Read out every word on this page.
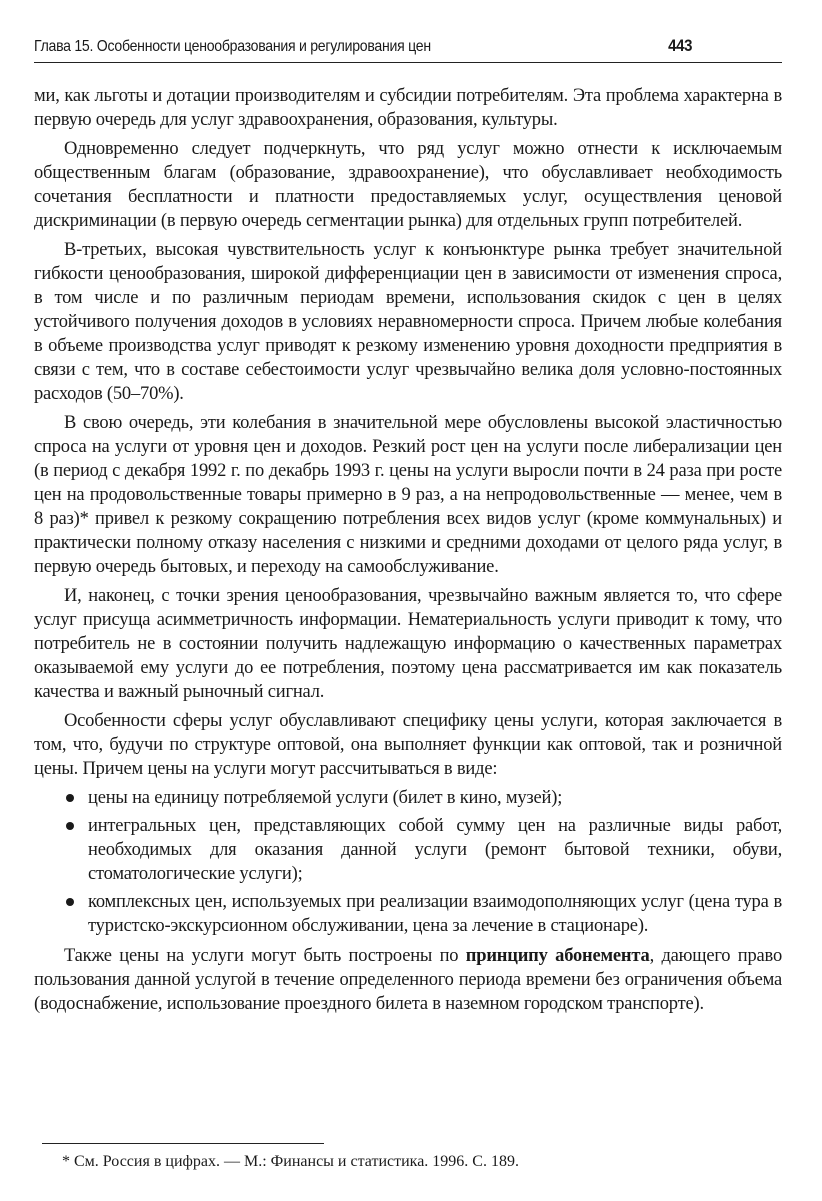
Глава 15. Особенности ценообразования и регулирования цен	443

ми, как льготы и дотации производителям и субсидии потребителям. Эта проблема характерна в первую очередь для услуг здравоохранения, образования, культуры.

Одновременно следует подчеркнуть, что ряд услуг можно отнести к исключаемым общественным благам (образование, здравоохранение), что обуславливает необходимость сочетания бесплатности и платности предоставляемых услуг, осуществления ценовой дискриминации (в первую очередь сегментации рынка) для отдельных групп потребителей.

В-третьих, высокая чувствительность услуг к конъюнктуре рынка требует значительной гибкости ценообразования, широкой дифференциации цен в зависимости от изменения спроса, в том числе и по различным периодам времени, использования скидок с цен в целях устойчивого получения доходов в условиях неравномерности спроса. Причем любые колебания в объеме производства услуг приводят к резкому изменению уровня доходности предприятия в связи с тем, что в составе себестоимости услуг чрезвычайно велика доля условно-постоянных расходов (50–70%).

В свою очередь, эти колебания в значительной мере обусловлены высокой эластичностью спроса на услуги от уровня цен и доходов. Резкий рост цен на услуги после либерализации цен (в период с декабря 1992 г. по декабрь 1993 г. цены на услуги выросли почти в 24 раза при росте цен на продовольственные товары примерно в 9 раз, а на непродовольственные — менее, чем в 8 раз)* привел к резкому сокращению потребления всех видов услуг (кроме коммунальных) и практически полному отказу населения с низкими и средними доходами от целого ряда услуг, в первую очередь бытовых, и переходу на самообслуживание.

И, наконец, с точки зрения ценообразования, чрезвычайно важным является то, что сфере услуг присуща асимметричность информации. Нематериальность услуги приводит к тому, что потребитель не в состоянии получить надлежащую информацию о качественных параметрах оказываемой ему услуги до ее потребления, поэтому цена рассматривается им как показатель качества и важный рыночный сигнал.

Особенности сферы услуг обуславливают специфику цены услуги, которая заключается в том, что, будучи по структуре оптовой, она выполняет функции как оптовой, так и розничной цены. Причем цены на услуги могут рассчитываться в виде:

цены на единицу потребляемой услуги (билет в кино, музей);
интегральных цен, представляющих собой сумму цен на различные виды работ, необходимых для оказания данной услуги (ремонт бытовой техники, обуви, стоматологические услуги);
комплексных цен, используемых при реализации взаимодополняющих услуг (цена тура в туристско-экскурсионном обслуживании, цена за лечение в стационаре).

Также цены на услуги могут быть построены по принципу абонемента, дающего право пользования данной услугой в течение определенного периода времени без ограничения объема (водоснабжение, использование проездного билета в наземном городском транспорте).

* См. Россия в цифрах. — М.: Финансы и статистика. 1996. С. 189.
